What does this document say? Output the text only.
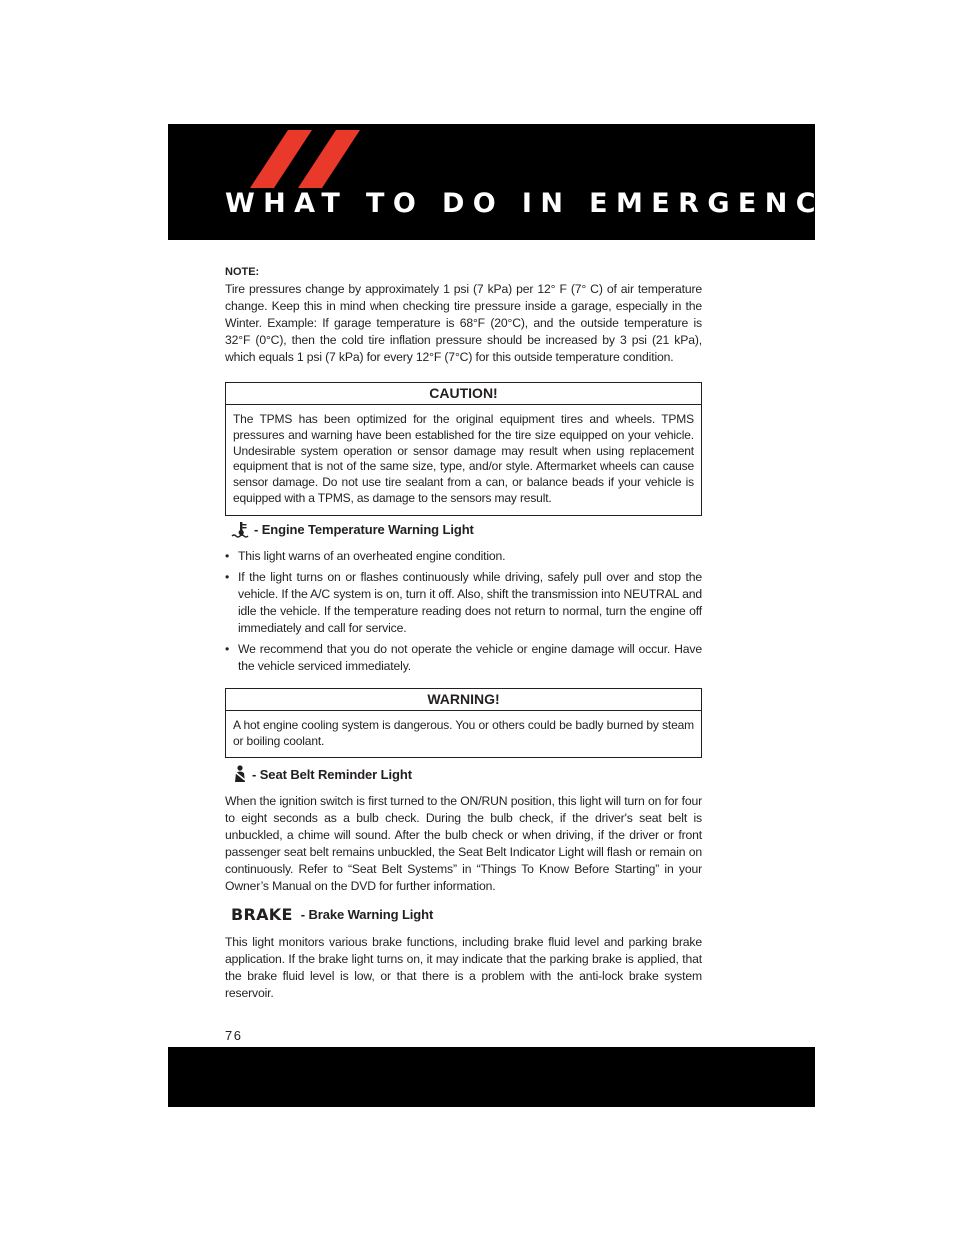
WHAT TO DO IN EMERGENCIES
NOTE:

Tire pressures change by approximately 1 psi (7 kPa) per 12° F (7° C) of air temperature change. Keep this in mind when checking tire pressure inside a garage, especially in the Winter. Example: If garage temperature is 68°F (20°C), and the outside temperature is 32°F (0°C), then the cold tire inflation pressure should be increased by 3 psi (21 kPa), which equals 1 psi (7 kPa) for every 12°F (7°C) for this outside temperature condition.

CAUTION!
The TPMS has been optimized for the original equipment tires and wheels. TPMS pressures and warning have been established for the tire size equipped on your vehicle. Undesirable system operation or sensor damage may result when using replacement equipment that is not of the same size, type, and/or style. Aftermarket wheels can cause sensor damage. Do not use tire sealant from a can, or balance beads if your vehicle is equipped with a TPMS, as damage to the sensors may result.
- Engine Temperature Warning Light
• This light warns of an overheated engine condition.
• If the light turns on or flashes continuously while driving, safely pull over and stop the vehicle. If the A/C system is on, turn it off. Also, shift the transmission into NEUTRAL and idle the vehicle. If the temperature reading does not return to normal, turn the engine off immediately and call for service.
• We recommend that you do not operate the vehicle or engine damage will occur. Have the vehicle serviced immediately.
WARNING!
A hot engine cooling system is dangerous. You or others could be badly burned by steam or boiling coolant.
- Seat Belt Reminder Light

When the ignition switch is first turned to the ON/RUN position, this light will turn on for four to eight seconds as a bulb check. During the bulb check, if the driver's seat belt is unbuckled, a chime will sound. After the bulb check or when driving, if the driver or front passenger seat belt remains unbuckled, the Seat Belt Indicator Light will flash or remain on continuously. Refer to “Seat Belt Systems” in “Things To Know Before Starting” in your Owner’s Manual on the DVD for further information.

BRAKE - Brake Warning Light

This light monitors various brake functions, including brake fluid level and parking brake application. If the brake light turns on, it may indicate that the parking brake is applied, that the brake fluid level is low, or that there is a problem with the anti-lock brake system reservoir.

76
